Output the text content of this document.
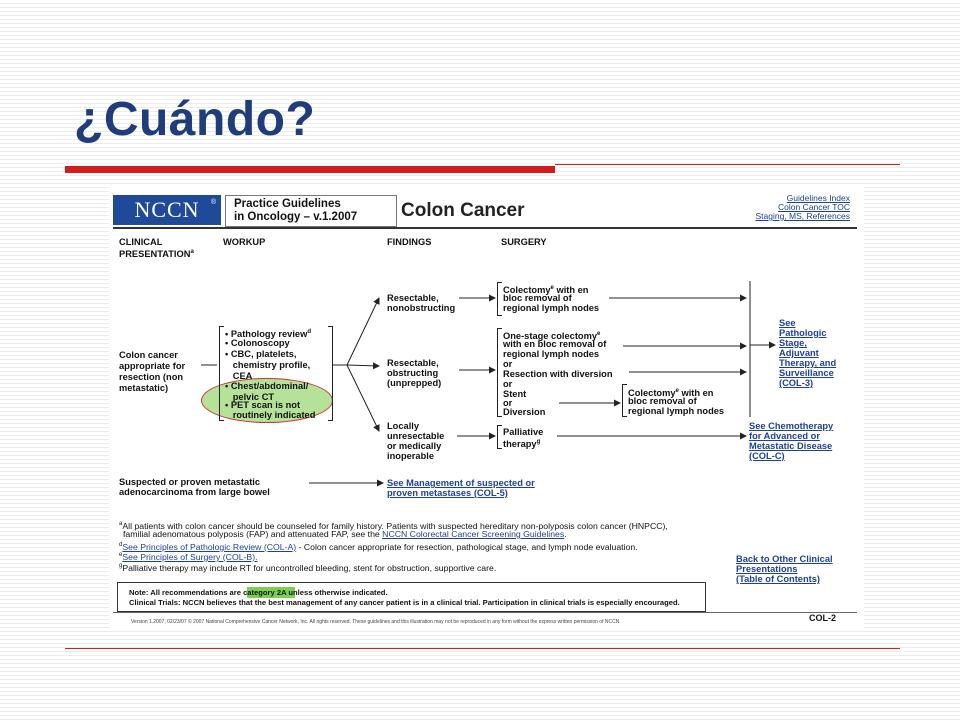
¿Cuándo?
NCCN ® Practice Guidelines
in Oncology – v.1.2007 Colon Cancer
Guidelines Index
Colon Cancer TOC
Staging, MS, References
CLINICAL
PRESENTATION$^a$
WORKUP	FINDINGS	SURGERY
Colon cancer
appropriate for
resection (non
metastatic)
• Pathology review$^d$
• Colonoscopy
• CBC, platelets,
chemistry profile,
CEA
• Chest/abdominal/
pelvic CT
• PET scan is not
routinely indicated
Resectable,
nonobstructing
Resectable,
obstructing
(unprepped)
Locally
unresectable
or medically
inoperable
Colectomy$^e$ with en
bloc removal of
regional lymph nodes
One-stage colectomy$^e$
with en bloc removal of
regional lymph nodes
or
Resection with diversion
or
Stent
or
Diversion
Colectomy$^e$ with en
bloc removal of
regional lymph nodes
Palliative
therapy$^g$
See
Pathologic
Stage,
Adjuvant
Therapy, and
Surveillance
(COL-3)
See Chemotherapy
for Advanced or
Metastatic Disease
(COL-C)
Suspected or proven metastatic
adenocarcinoma from large bowel
See Management of suspected or
proven metastases (COL-5)
$^a$All patients with colon cancer should be counseled for family history. Patients with suspected hereditary non-polyposis colon cancer (HNPCC),
familial adenomatous polyposis (FAP) and attenuated FAP, see the NCCN Colorectal Cancer Screening Guidelines.
$^d$See Principles of Pathologic Review (COL-A) - Colon cancer appropriate for resection, pathological stage, and lymph node evaluation.
$^e$See Principles of Surgery (COL-B).
$^g$Palliative therapy may include RT for uncontrolled bleeding, stent for obstruction, supportive care.
Back to Other Clinical
Presentations
(Table of Contents)
Note: All recommendations are category 2A unless otherwise indicated.
Clinical Trials: NCCN believes that the best management of any cancer patient is in a clinical trial. Participation in clinical trials is especially encouraged.
Version 1.2007, 02/23/07 © 2007 National Comprehensive Cancer Network, Inc. All rights reserved. These guidelines and this illustration may not be reproduced in any form without the express written permission of NCCN.	COL-2
